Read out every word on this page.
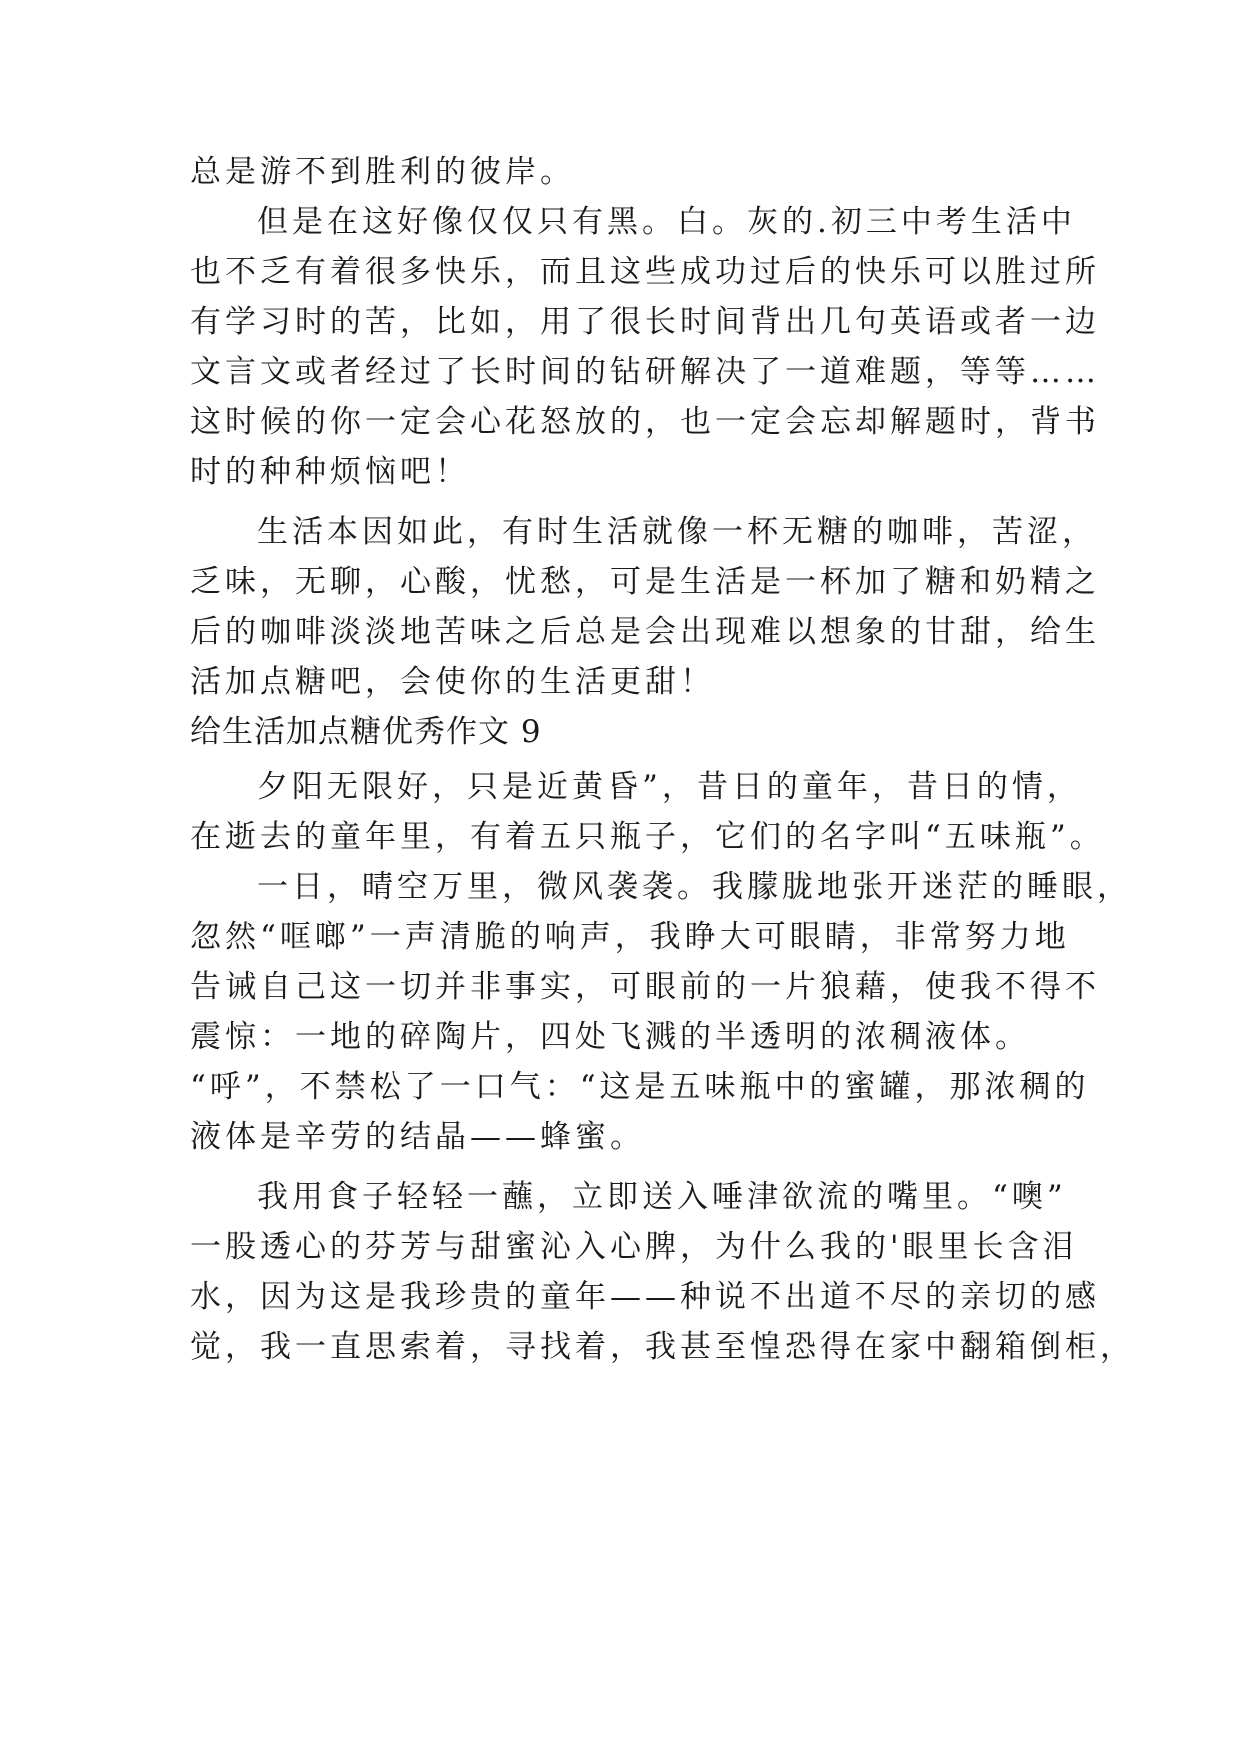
总是游不到胜利的彼岸。
但是在这好像仅仅只有黑。白。灰的.初三中考生活中
也不乏有着很多快乐，而且这些成功过后的快乐可以胜过所
有学习时的苦，比如，用了很长时间背出几句英语或者一边
文言文或者经过了长时间的钻研解决了一道难题，等等……
这时候的你一定会心花怒放的，也一定会忘却解题时，背书
时的种种烦恼吧！
生活本因如此，有时生活就像一杯无糖的咖啡，苦涩，
乏味，无聊，心酸，忧愁，可是生活是一杯加了糖和奶精之
后的咖啡淡淡地苦味之后总是会出现难以想象的甘甜，给生
活加点糖吧，会使你的生活更甜！
给生活加点糖优秀作文 9
夕阳无限好，只是近黄昏”，昔日的童年，昔日的情，
在逝去的童年里，有着五只瓶子，它们的名字叫“五味瓶”。
一日，晴空万里，微风袭袭。我朦胧地张开迷茫的睡眼，
忽然“哐啷”一声清脆的响声，我睁大可眼睛，非常努力地
告诫自己这一切并非事实，可眼前的一片狼藉，使我不得不
震惊：一地的碎陶片，四处飞溅的半透明的浓稠液体。
“呼”，不禁松了一口气：“这是五味瓶中的蜜罐，那浓稠的
液体是辛劳的结晶——蜂蜜。
我用食子轻轻一蘸，立即送入唾津欲流的嘴里。“噢”
一股透心的芬芳与甜蜜沁入心脾，为什么我的'眼里长含泪
水，因为这是我珍贵的童年——种说不出道不尽的亲切的感
觉，我一直思索着，寻找着，我甚至惶恐得在家中翻箱倒柜，
